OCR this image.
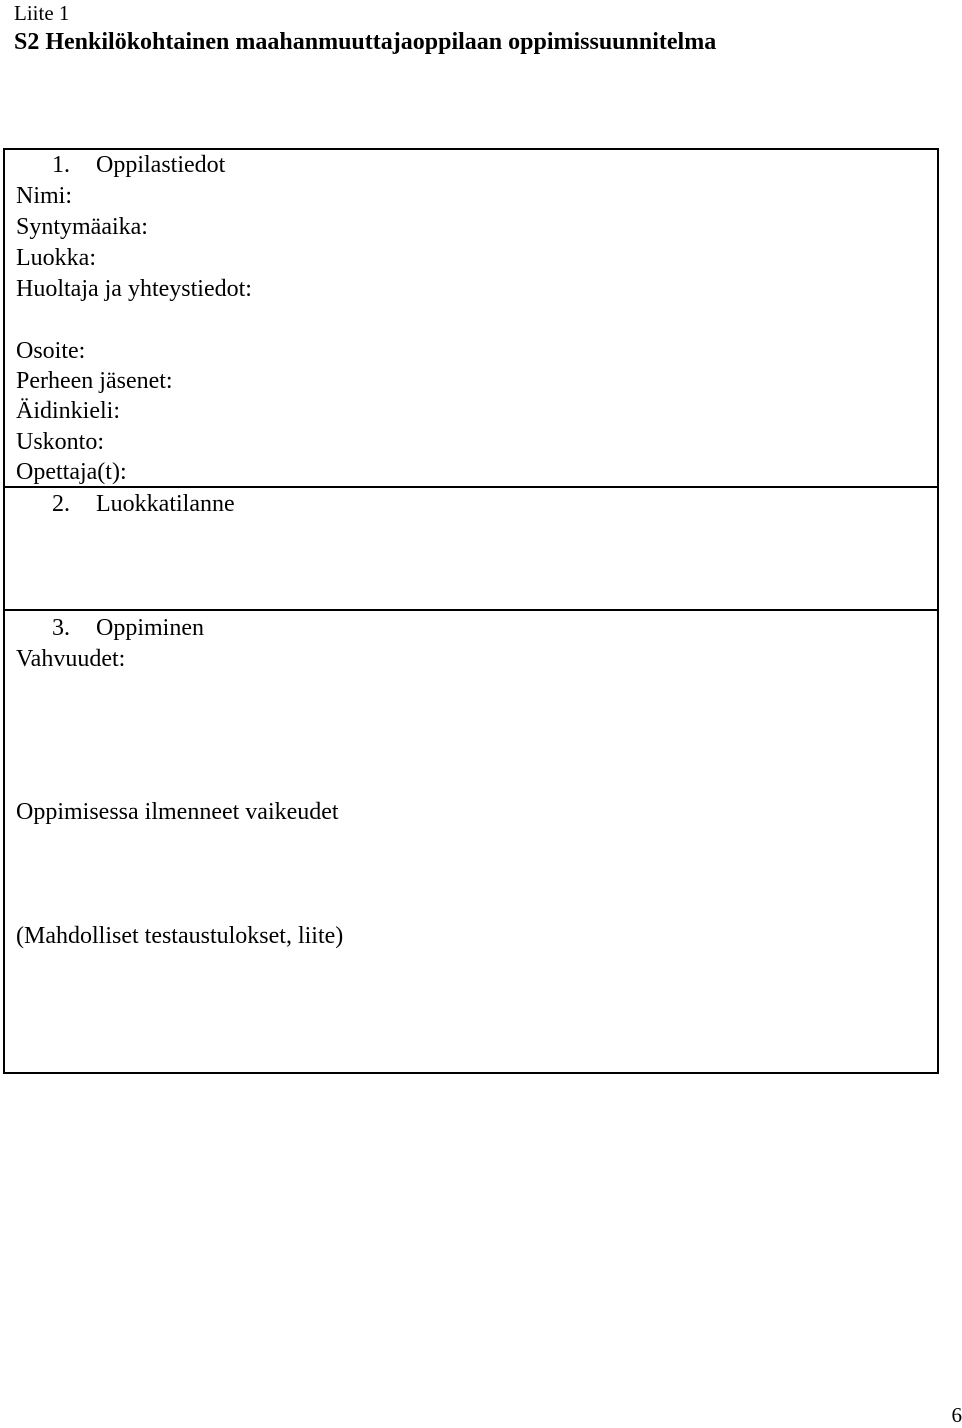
Liite 1
S2 Henkilökohtainen maahanmuuttajaoppilaan oppimissuunnitelma
1. Oppilastiedot
Nimi:
Syntymäaika:
Luokka:
Huoltaja ja yhteystiedot:
Osoite:
Perheen jäsenet:
Äidinkieli:
Uskonto:
Opettaja(t):
2. Luokkatilanne
3. Oppiminen
Vahvuudet:
Oppimisessa ilmenneet vaikeudet
(Mahdolliset testaustulokset, liite)
6
